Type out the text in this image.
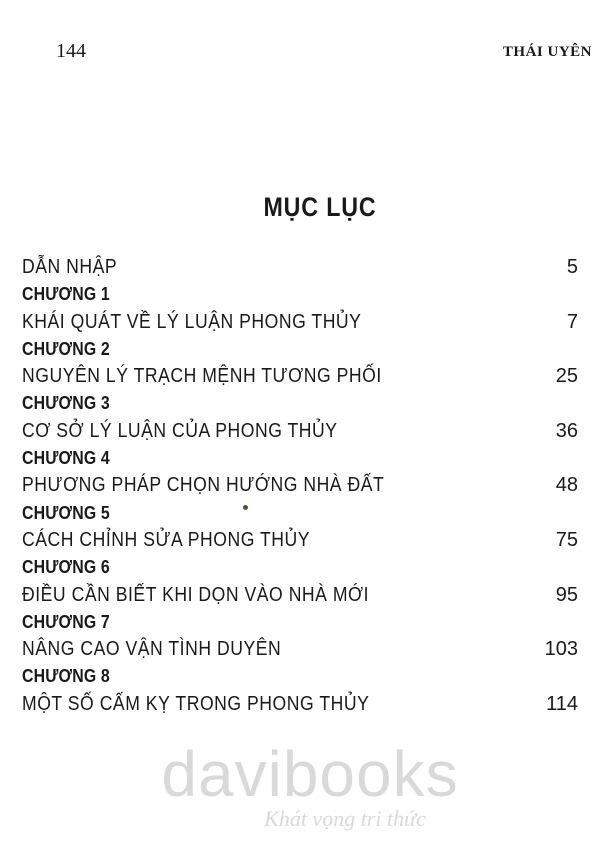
144	THÁI UYÊN
MỤC LỤC
DẪN NHẬP	5
CHƯƠNG 1
KHÁI QUÁT VỀ LÝ LUẬN PHONG THỦY	7
CHƯƠNG 2
NGUYÊN LÝ TRẠCH MỆNH TƯƠNG PHỐI	25
CHƯƠNG 3
CƠ SỞ LÝ LUẬN CỦA PHONG THỦY	36
CHƯƠNG 4
PHƯƠNG PHÁP CHỌN HƯỚNG NHÀ ĐẤT	48
CHƯƠNG 5
CÁCH CHỈNH SỬA PHONG THỦY	75
CHƯƠNG 6
ĐIỀU CẦN BIẾT KHI DỌN VÀO NHÀ MỚI	95
CHƯƠNG 7
NÂNG CAO VẬN TÌNH DUYÊN	103
CHƯƠNG 8
MỘT SỐ CẤM KỴ TRONG PHONG THỦY	114
davibooks
Khát vọng tri thức
